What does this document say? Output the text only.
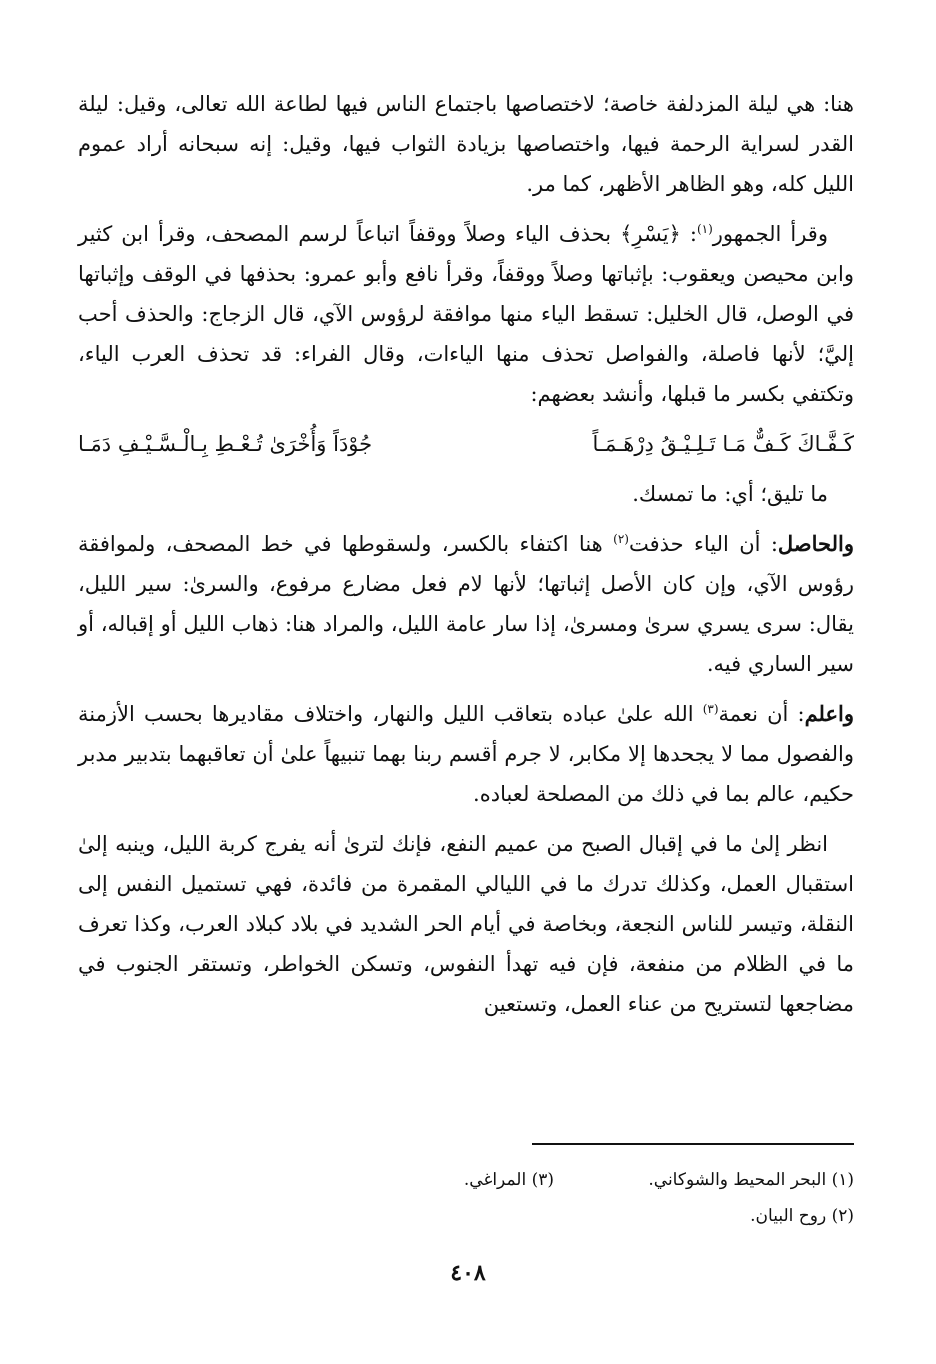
هنا: هي ليلة المزدلفة خاصة؛ لاختصاصها باجتماع الناس فيها لطاعة الله تعالى، وقيل: ليلة القدر لسراية الرحمة فيها، واختصاصها بزيادة الثواب فيها، وقيل: إنه سبحانه أراد عموم الليل كله، وهو الظاهر الأظهر، كما مر.

وقرأ الجمهور$^{(١)}$: ﴿يَسْرِ﴾ بحذف الياء وصلاً ووقفاً اتباعاً لرسم المصحف، وقرأ ابن كثير وابن محيصن ويعقوب: بإثباتها وصلاً ووقفاً، وقرأ نافع وأبو عمرو: بحذفها في الوقف وإثباتها في الوصل، قال الخليل: تسقط الياء منها موافقة لرؤوس الآي، قال الزجاج: والحذف أحب إليَّ؛ لأنها فاصلة، والفواصل تحذف منها الياءات، وقال الفراء: قد تحذف العرب الياء، وتكتفي بكسر ما قبلها، وأنشد بعضهم:

كَـفَّـاكَ كَـفٌّ مَـا تَـلِـيْـقُ دِرْهَـمَـاً
جُوْدَاً وَأُخْرَىٰ تُـعْـطِ بِـالْـسَّـيْـفِ دَمَـا

ما تليق؛ أي: ما تمسك.

والحاصل: أن الياء حذفت$^{(٢)}$ هنا اكتفاء بالكسر، ولسقوطها في خط المصحف، ولموافقة رؤوس الآي، وإن كان الأصل إثباتها؛ لأنها لام فعل مضارع مرفوع، والسرىٰ: سير الليل، يقال: سرى يسري سرىٰ ومسرىٰ، إذا سار عامة الليل، والمراد هنا: ذهاب الليل أو إقباله، أو سير الساري فيه.

واعلم: أن نعمة$^{(٣)}$ الله علىٰ عباده بتعاقب الليل والنهار، واختلاف مقاديرها بحسب الأزمنة والفصول مما لا يجحدها إلا مكابر، لا جرم أقسم ربنا بهما تنبيهاً علىٰ أن تعاقبهما بتدبير مدبر حكيم، عالم بما في ذلك من المصلحة لعباده.

انظر إلىٰ ما في إقبال الصبح من عميم النفع، فإنك لترىٰ أنه يفرج كربة الليل، وينبه إلىٰ استقبال العمل، وكذلك تدرك ما في الليالي المقمرة من فائدة، فهي تستميل النفس إلى النقلة، وتيسر للناس النجعة، وبخاصة في أيام الحر الشديد في بلاد كبلاد العرب، وكذا تعرف ما في الظلام من منفعة، فإن فيه تهدأ النفوس، وتسكن الخواطر، وتستقر الجنوب في مضاجعها لتستريح من عناء العمل، وتستعين

(١) البحر المحيط والشوكاني.
(٣) المراغي.
(٢) روح البيان.
٤٠٨
